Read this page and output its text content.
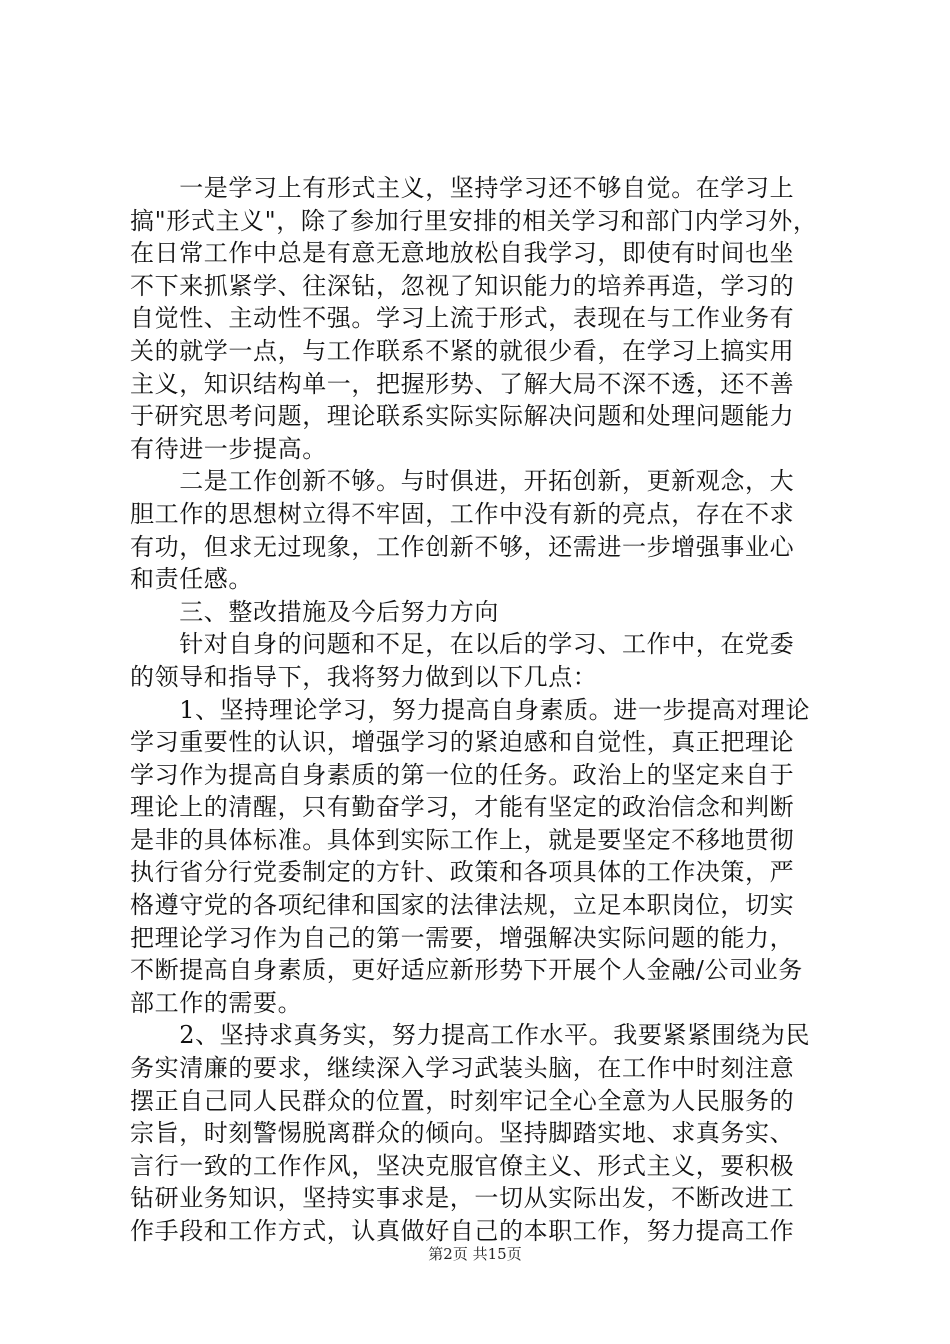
　　一是学习上有形式主义，坚持学习还不够自觉。在学习上
搞"形式主义"，除了参加行里安排的相关学习和部门内学习外，
在日常工作中总是有意无意地放松自我学习，即使有时间也坐
不下来抓紧学、往深钻，忽视了知识能力的培养再造，学习的
自觉性、主动性不强。学习上流于形式，表现在与工作业务有
关的就学一点，与工作联系不紧的就很少看，在学习上搞实用
主义，知识结构单一，把握形势、了解大局不深不透，还不善
于研究思考问题，理论联系实际实际解决问题和处理问题能力
有待进一步提高。
　　二是工作创新不够。与时俱进，开拓创新，更新观念，大
胆工作的思想树立得不牢固，工作中没有新的亮点，存在不求
有功，但求无过现象，工作创新不够，还需进一步增强事业心
和责任感。
　　三、整改措施及今后努力方向
　　针对自身的问题和不足，在以后的学习、工作中，在党委
的领导和指导下，我将努力做到以下几点：
　　1、坚持理论学习，努力提高自身素质。进一步提高对理论
学习重要性的认识，增强学习的紧迫感和自觉性，真正把理论
学习作为提高自身素质的第一位的任务。政治上的坚定来自于
理论上的清醒，只有勤奋学习，才能有坚定的政治信念和判断
是非的具体标准。具体到实际工作上，就是要坚定不移地贯彻
执行省分行党委制定的方针、政策和各项具体的工作决策，严
格遵守党的各项纪律和国家的法律法规，立足本职岗位，切实
把理论学习作为自己的第一需要，增强解决实际问题的能力，
不断提高自身素质，更好适应新形势下开展个人金融/公司业务
部工作的需要。
　　2、坚持求真务实，努力提高工作水平。我要紧紧围绕为民
务实清廉的要求，继续深入学习武装头脑，在工作中时刻注意
摆正自己同人民群众的位置，时刻牢记全心全意为人民服务的
宗旨，时刻警惕脱离群众的倾向。坚持脚踏实地、求真务实、
言行一致的工作作风，坚决克服官僚主义、形式主义，要积极
钻研业务知识，坚持实事求是，一切从实际出发，不断改进工
作手段和工作方式，认真做好自己的本职工作，努力提高工作
第2页 共15页
